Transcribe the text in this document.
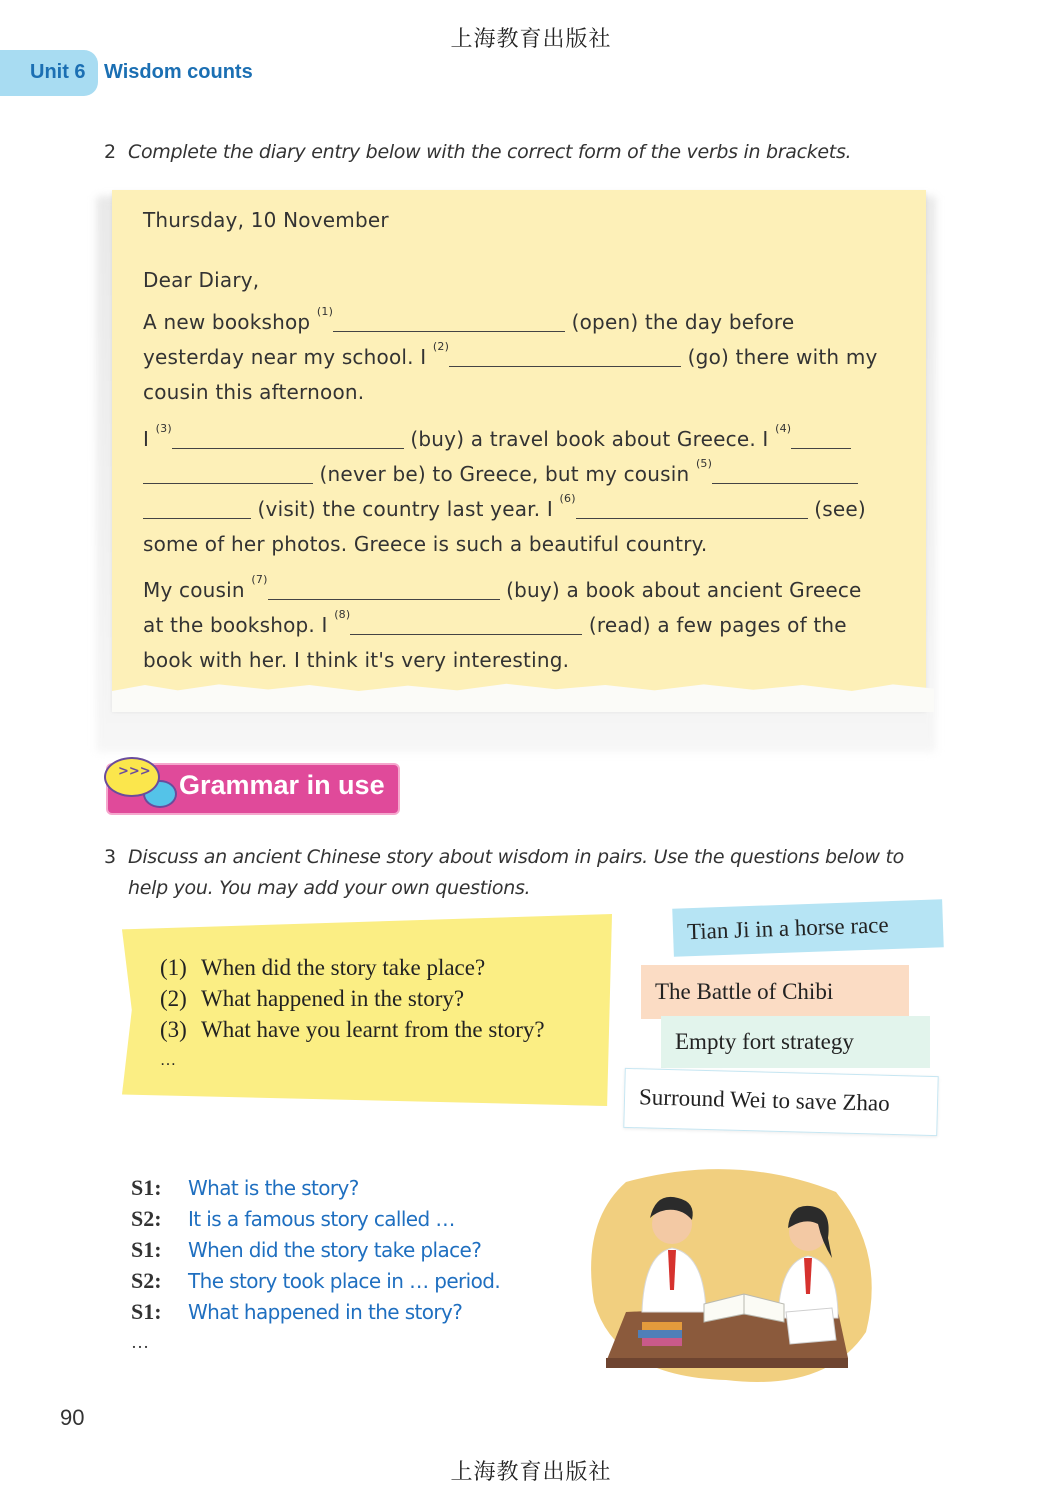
上海教育出版社
Unit 6 Wisdom counts
2 Complete the diary entry below with the correct form of the verbs in brackets.
Thursday, 10 November
Dear Diary,
A new bookshop $^{(1)}$	(open) the day before
yesterday near my school. I $^{(2)}$	(go) there with my
cousin this afternoon.
I $^{(3)}$	(buy) a travel book about Greece. I $^{(4)}$
(never be) to Greece, but my cousin $^{(5)}$
(visit) the country last year. I $^{(6)}$	(see)
some of her photos. Greece is such a beautiful country.
My cousin $^{(7)}$	(buy) a book about ancient Greece
at the bookshop. I $^{(8)}$	(read) a few pages of the
book with her. I think it's very interesting.
>>> Grammar in use
3 Discuss an ancient Chinese story about wisdom in pairs. Use the questions below to
help you. You may add your own questions.
(1) When did the story take place?
(2) What happened in the story?
(3) What have you learnt from the story?
…
Tian Ji in a horse race
The Battle of Chibi
Empty fort strategy
Surround Wei to save Zhao
S1: What is the story?
S2: It is a famous story called …
S1: When did the story take place?
S2: The story took place in … period.
S1: What happened in the story?
…
90
上海教育出版社
